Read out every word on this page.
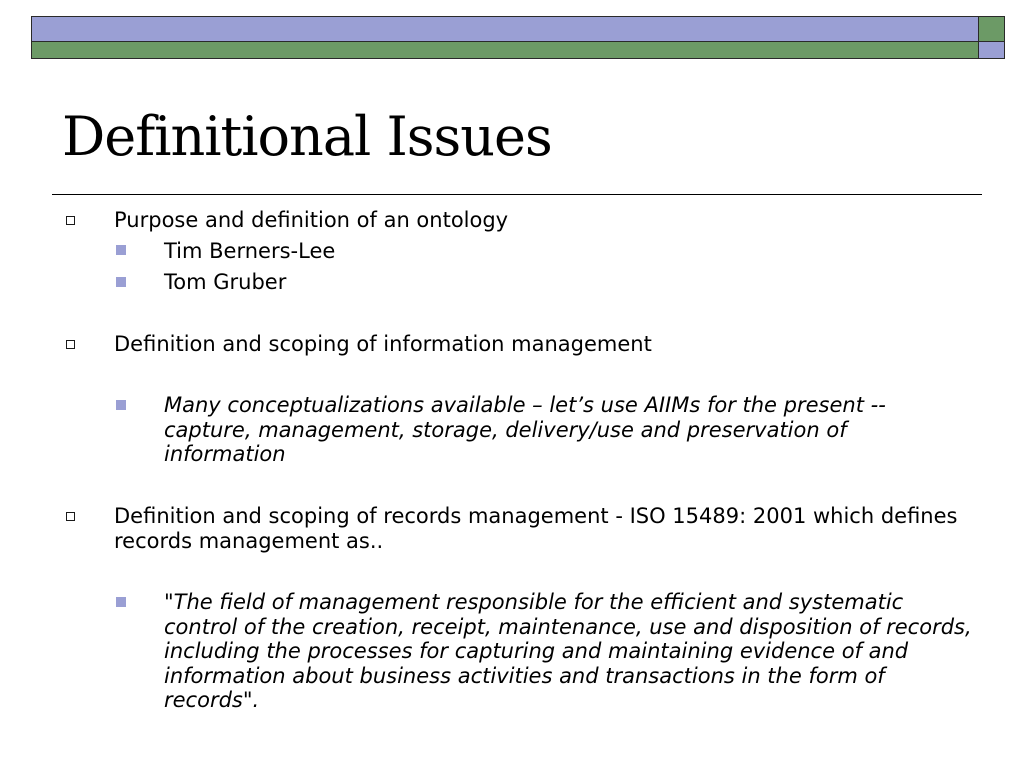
Definitional Issues
Purpose and definition of an ontology
Tim Berners-Lee
Tom Gruber
Definition and scoping of information management
Many conceptualizations available – let’s use AIIMs for the present -- capture, management, storage, delivery/use and preservation of information
Definition and scoping of records management - ISO 15489: 2001 which defines records management as..
"The field of management responsible for the efficient and systematic control of the creation, receipt, maintenance, use and disposition of records, including the processes for capturing and maintaining evidence of and information about business activities and transactions in the form of records".
